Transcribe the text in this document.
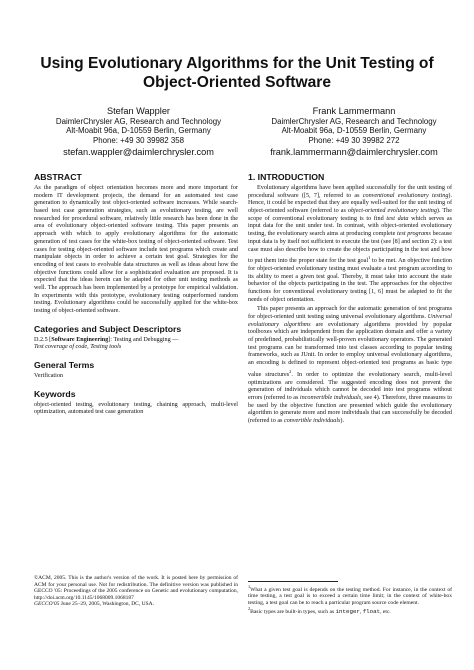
Using Evolutionary Algorithms for the Unit Testing of
Object-Oriented Software
Stefan Wappler
DaimlerChrysler AG, Research and Technology
Alt-Moabit 96a, D-10559 Berlin, Germany
Phone: +49 30 39982 358
stefan.wappler@daimlerchrysler.com
Frank Lammermann
DaimlerChrysler AG, Research and Technology
Alt-Moabit 96a, D-10559 Berlin, Germany
Phone: +49 30 39982 272
frank.lammermann@daimlerchrysler.com
ABSTRACT

As the paradigm of object orientation becomes more and more important for modern IT development projects, the demand for an automated test case generation to dynamically test object-oriented software increases. While search-based test case generation strategies, such as evolutionary testing, are well researched for procedural software, relatively little research has been done in the area of evolutionary object-oriented software testing. This paper presents an approach with which to apply evolutionary algorithms for the automatic generation of test cases for the white-box testing of object-oriented software. Test cases for testing object-oriented software include test programs which create and manipulate objects in order to achieve a certain test goal. Strategies for the encoding of test cases to evolvable data structures as well as ideas about how the objective functions could allow for a sophisticated evaluation are proposed. It is expected that the ideas herein can be adapted for other unit testing methods as well. The approach has been implemented by a prototype for empirical validation. In experiments with this prototype, evolutionary testing outperformed random testing. Evolutionary algorithms could be successfully applied for the white-box testing of object-oriented software.

Categories and Subject Descriptors

D.2.5 [Software Engineering]: Testing and Debugging —
Test coverage of code, Testing tools

General Terms

Verification

Keywords

object-oriented testing, evolutionary testing, chaining approach, multi-level optimization, automated test case generation

©ACM, 2005. This is the author's version of the work. It is posted here by permission of ACM for your personal use. Not for redistribution. The definitive version was published in GECCO '05: Proceedings of the 2005 conference on Genetic and evolutionary computation, http://doi.acm.org/10.1145/1068009.1068187

GECCO'05 June 25–29, 2005, Washington, DC, USA.

1. INTRODUCTION

Evolutionary algorithms have been applied successfully for the unit testing of procedural software ([5, 7], referred to as conventional evolutionary testing). Hence, it could be expected that they are equally well-suited for the unit testing of object-oriented software (referred to as object-oriented evolutionary testing). The scope of conventional evolutionary testing is to find test data which serves as input data for the unit under test. In contrast, with object-oriented evolutionary testing, the evolutionary search aims at producing complete test programs because input data is by itself not sufficient to execute the test (see [8] and section 2): a test case must also describe how to create the objects participating in the test and how to put them into the proper state for the test goal$^1$ to be met. An objective function for object-oriented evolutionary testing must evaluate a test program according to its ability to meet a given test goal. Thereby, it must take into account the state behavior of the objects participating in the test. The approaches for the objective functions for conventional evolutionary testing [1, 6] must be adapted to fit the needs of object orientation.

This paper presents an approach for the automatic generation of test programs for object-oriented unit testing using universal evolutionary algorithms. Universal evolutionary algorithms are evolutionary algorithms provided by popular toolboxes which are independent from the application domain and offer a variety of predefined, probabilistically well-proven evolutionary operators. The generated test programs can be transformed into test classes according to popular testing frameworks, such as JUnit. In order to employ universal evolutionary algorithms, an encoding is defined to represent object-oriented test programs as basic type value structures$^2$. In order to optimize the evolutionary search, multi-level optimizations are considered. The suggested encoding does not prevent the generation of individuals which cannot be decoded into test programs without errors (referred to as inconvertible individuals, see 4). Therefore, three measures to be used by the objective function are presented which guide the evolutionary algorithm to generate more and more individuals that can successfully be decoded (referred to as convertible individuals).

$^1$What a given test goal is depends on the testing method. For instance, in the context of time testing, a test goal is to exceed a certain time limit; in the context of white-box testing, a test goal can be to reach a particular program source code element.

$^2$Basic types are built-in types, such as integer, float, etc.
